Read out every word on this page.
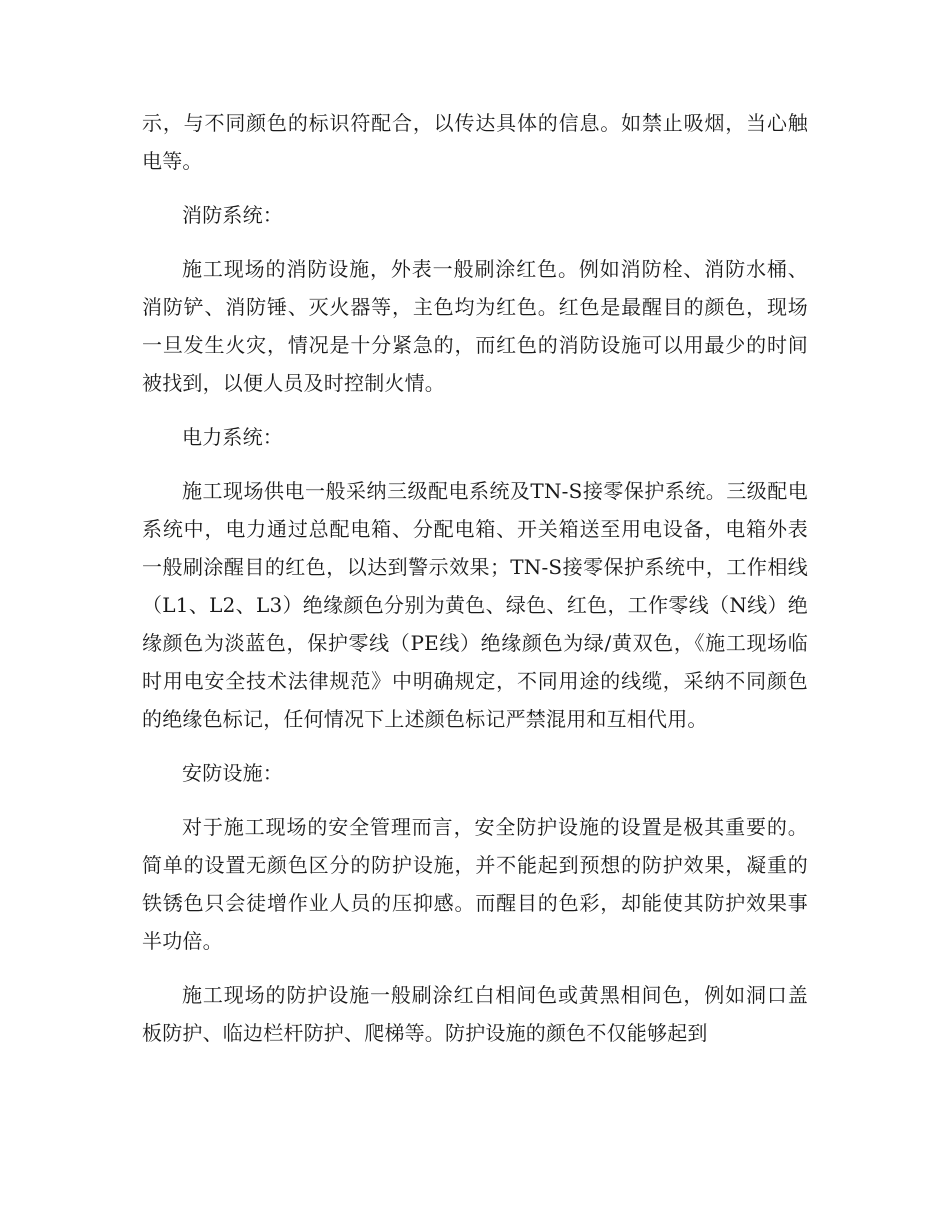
示，与不同颜色的标识符配合，以传达具体的信息。如禁止吸烟，当心触电等。

消防系统：

施工现场的消防设施，外表一般刷涂红色。例如消防栓、消防水桶、消防铲、消防锤、灭火器等，主色均为红色。红色是最醒目的颜色，现场一旦发生火灾，情况是十分紧急的，而红色的消防设施可以用最少的时间被找到，以便人员及时控制火情。

电力系统：

施工现场供电一般采纳三级配电系统及TN-S接零保护系统。三级配电系统中，电力通过总配电箱、分配电箱、开关箱送至用电设备，电箱外表一般刷涂醒目的红色，以达到警示效果；TN-S接零保护系统中，工作相线（L1、L2、L3）绝缘颜色分别为黄色、绿色、红色，工作零线（N线）绝缘颜色为淡蓝色，保护零线（PE线）绝缘颜色为绿/黄双色，《施工现场临时用电安全技术法律规范》中明确规定，不同用途的线缆，采纳不同颜色的绝缘色标记，任何情况下上述颜色标记严禁混用和互相代用。

安防设施：

对于施工现场的安全管理而言，安全防护设施的设置是极其重要的。简单的设置无颜色区分的防护设施，并不能起到预想的防护效果，凝重的铁锈色只会徒增作业人员的压抑感。而醒目的色彩，却能使其防护效果事半功倍。

施工现场的防护设施一般刷涂红白相间色或黄黑相间色，例如洞口盖板防护、临边栏杆防护、爬梯等。防护设施的颜色不仅能够起到
